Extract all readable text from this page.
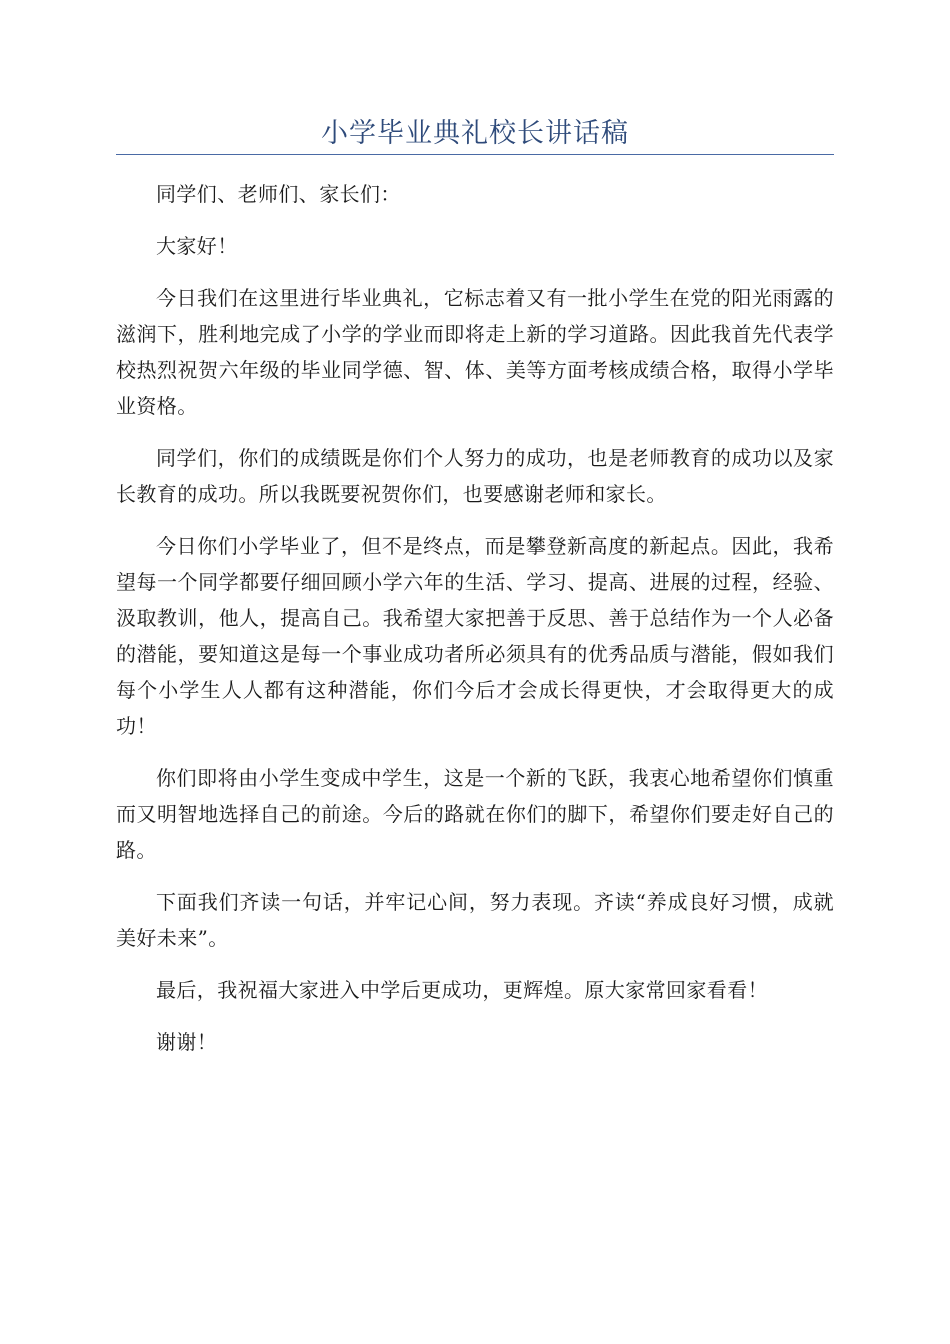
小学毕业典礼校长讲话稿

同学们、老师们、家长们：

大家好！

今日我们在这里进行毕业典礼，它标志着又有一批小学生在党的阳光雨露的滋润下，胜利地完成了小学的学业而即将走上新的学习道路。因此我首先代表学校热烈祝贺六年级的毕业同学德、智、体、美等方面考核成绩合格，取得小学毕业资格。

同学们，你们的成绩既是你们个人努力的成功，也是老师教育的成功以及家长教育的成功。所以我既要祝贺你们，也要感谢老师和家长。

今日你们小学毕业了，但不是终点，而是攀登新高度的新起点。因此，我希望每一个同学都要仔细回顾小学六年的生活、学习、提高、进展的过程，经验、汲取教训，他人，提高自己。我希望大家把善于反思、善于总结作为一个人必备的潜能，要知道这是每一个事业成功者所必须具有的优秀品质与潜能，假如我们每个小学生人人都有这种潜能，你们今后才会成长得更快，才会取得更大的成功！

你们即将由小学生变成中学生，这是一个新的飞跃，我衷心地希望你们慎重而又明智地选择自己的前途。今后的路就在你们的脚下，希望你们要走好自己的路。

下面我们齐读一句话，并牢记心间，努力表现。齐读“养成良好习惯，成就美好未来”。

最后，我祝福大家进入中学后更成功，更辉煌。原大家常回家看看！

谢谢！
